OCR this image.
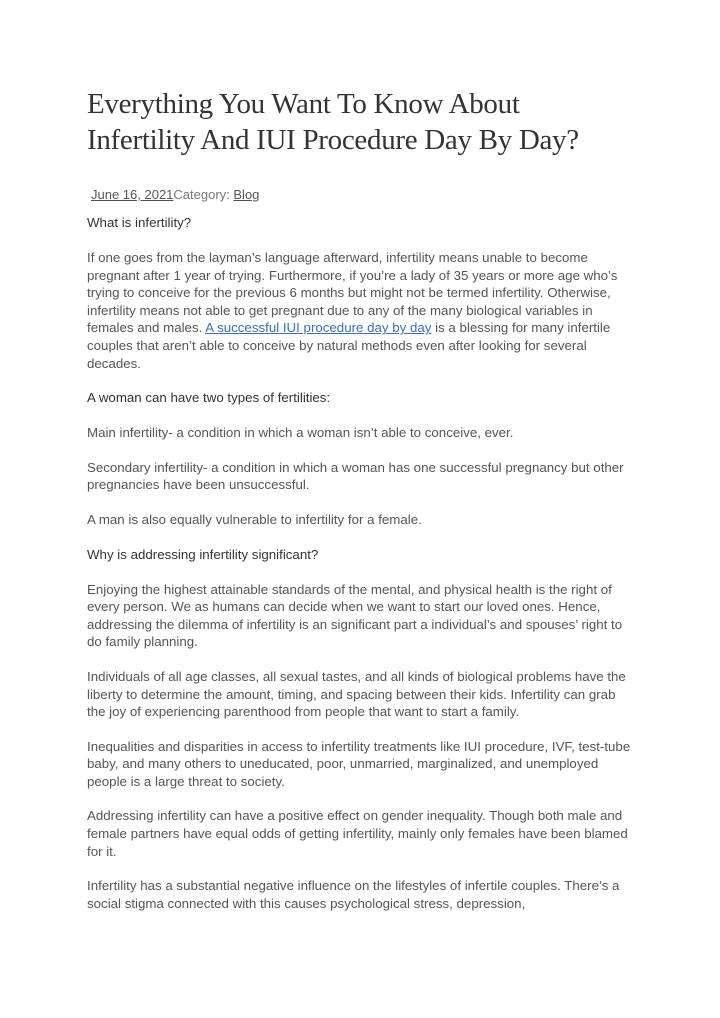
Everything You Want To Know About Infertility And IUI Procedure Day By Day?
June 16, 2021Category: Blog
What is infertility?

If one goes from the layman’s language afterward, infertility means unable to become pregnant after 1 year of trying. Furthermore, if you’re a lady of 35 years or more age who’s trying to conceive for the previous 6 months but might not be termed infertility. Otherwise, infertility means not able to get pregnant due to any of the many biological variables in females and males. A successful IUI procedure day by day is a blessing for many infertile couples that aren’t able to conceive by natural methods even after looking for several decades.

A woman can have two types of fertilities:

Main infertility- a condition in which a woman isn’t able to conceive, ever.

Secondary infertility- a condition in which a woman has one successful pregnancy but other pregnancies have been unsuccessful.

A man is also equally vulnerable to infertility for a female.

Why is addressing infertility significant?

Enjoying the highest attainable standards of the mental, and physical health is the right of every person. We as humans can decide when we want to start our loved ones. Hence, addressing the dilemma of infertility is an significant part a individual’s and spouses’ right to do family planning.

Individuals of all age classes, all sexual tastes, and all kinds of biological problems have the liberty to determine the amount, timing, and spacing between their kids. Infertility can grab the joy of experiencing parenthood from people that want to start a family.

Inequalities and disparities in access to infertility treatments like IUI procedure, IVF, test-tube baby, and many others to uneducated, poor, unmarried, marginalized, and unemployed people is a large threat to society.

Addressing infertility can have a positive effect on gender inequality. Though both male and female partners have equal odds of getting infertility, mainly only females have been blamed for it.

Infertility has a substantial negative influence on the lifestyles of infertile couples. There’s a social stigma connected with this causes psychological stress, depression,
